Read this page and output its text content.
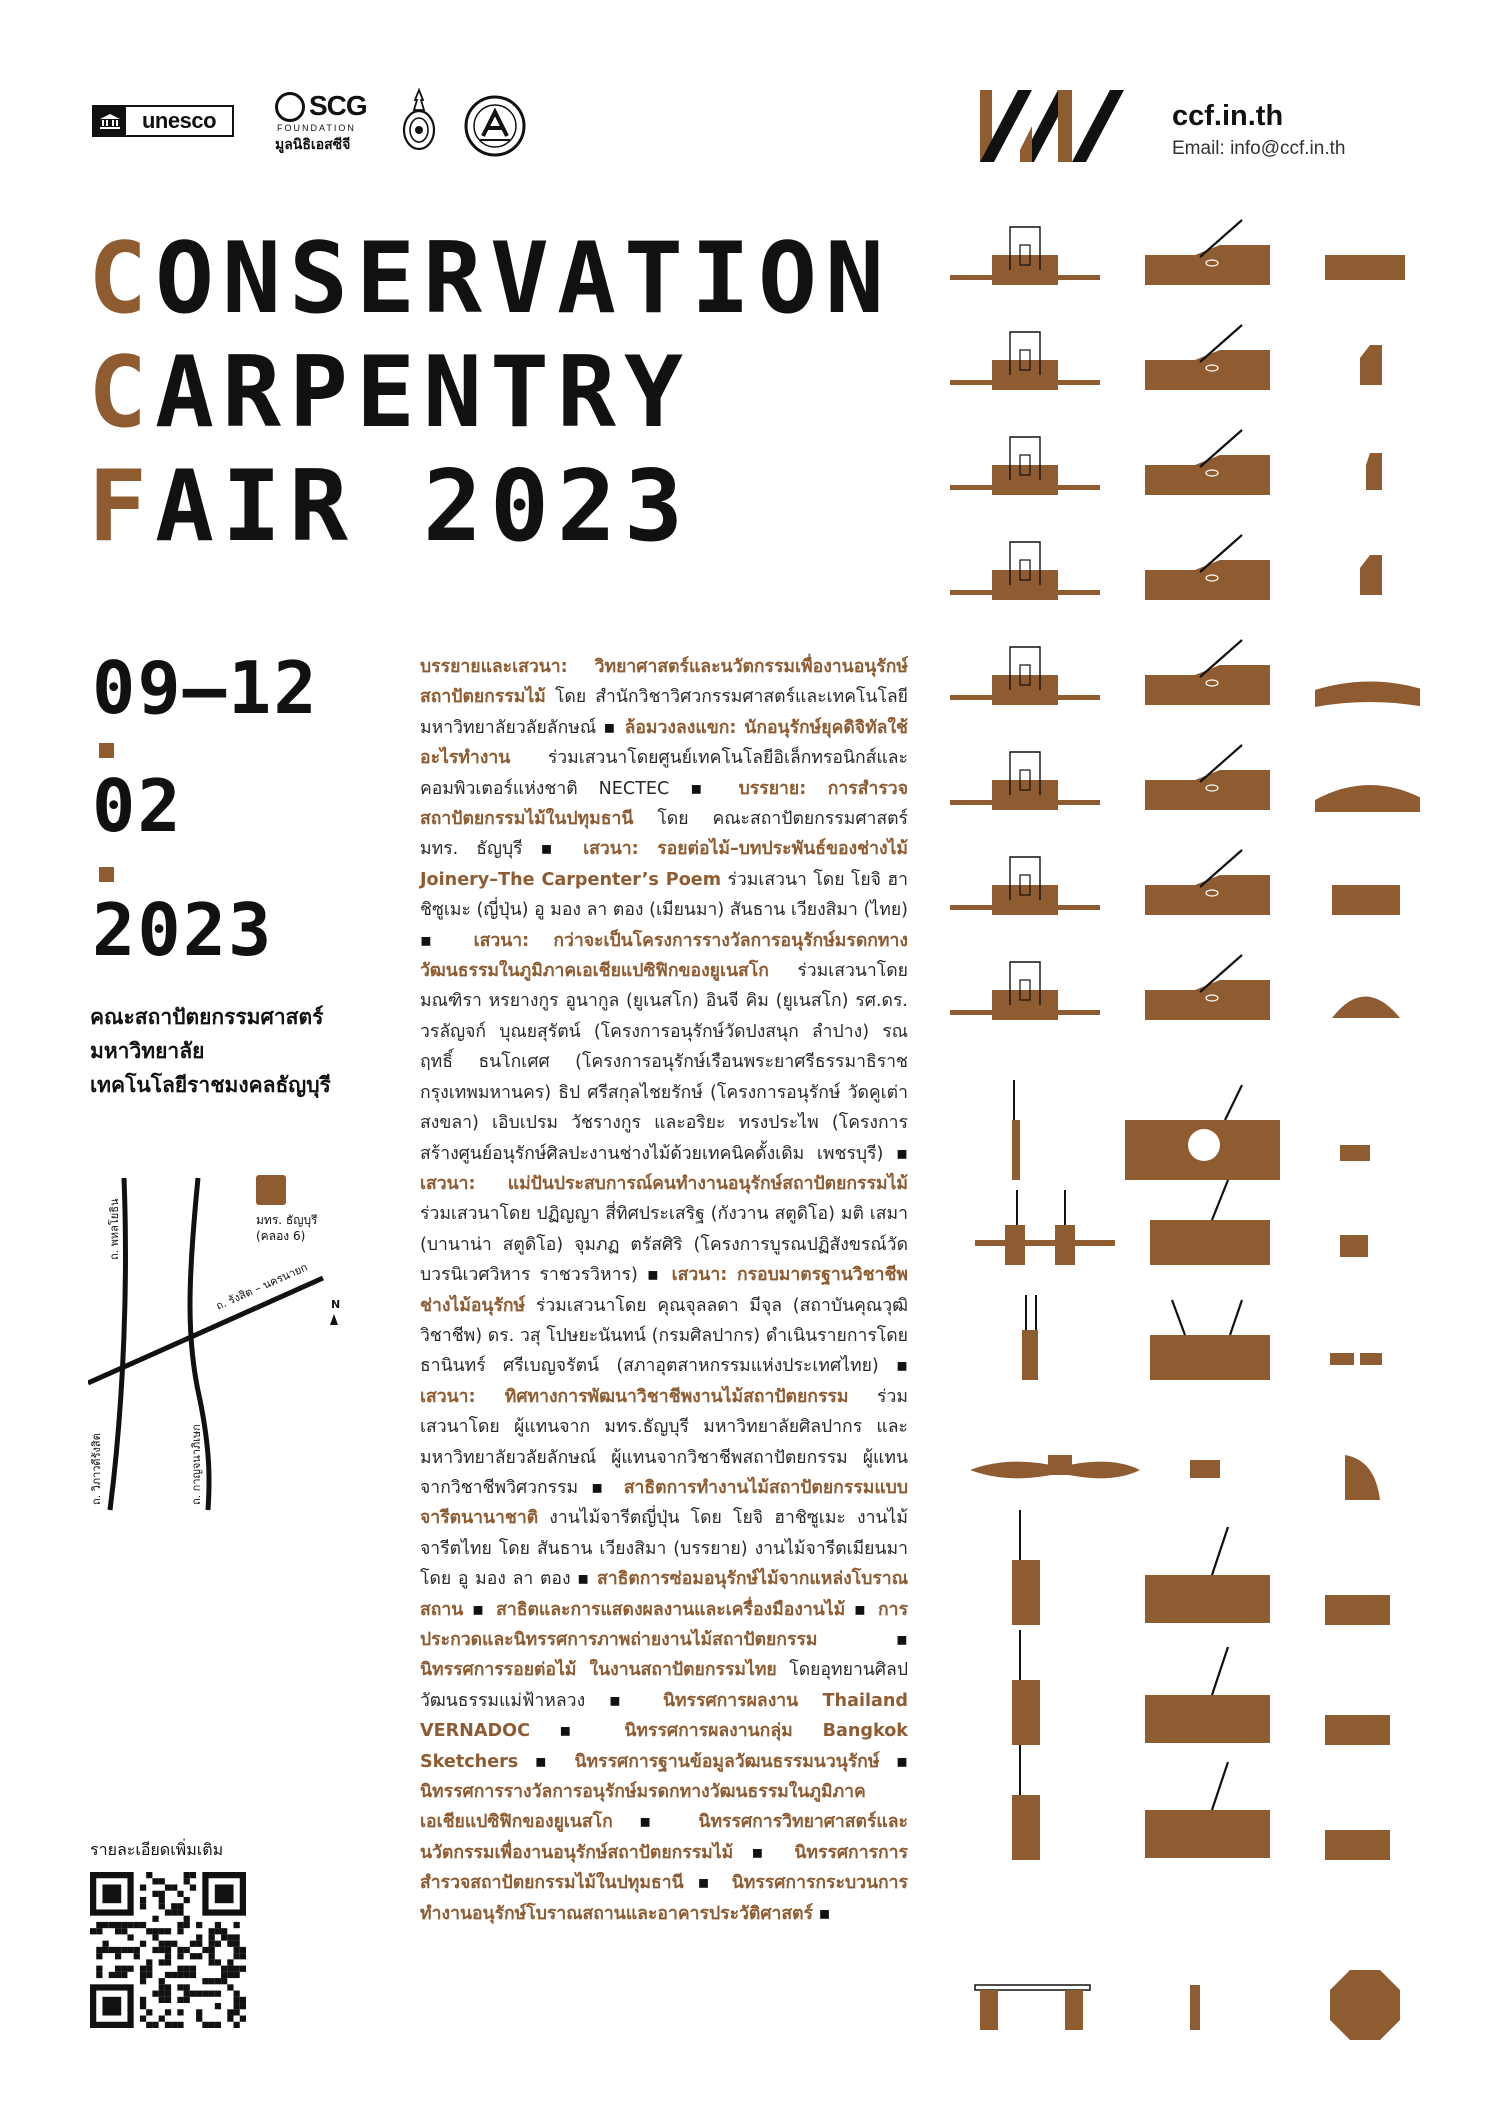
unesco	SCG
FOUNDATION
มูลนิธิเอสซีจี
ccf.in.th
Email: info@ccf.in.th
CONSERVATION
CARPENTRY
FAIR 2023
09—12
02
2023
คณะสถาปัตยกรรมศาสตร์
มหาวิทยาลัย
เทคโนโลยีราชมงคลธัญบุรี
มทร. ธัญบุรี
(คลอง 6)
ถ. พหลโยธิน
ถ. รังสิต – นครนายก
ถ. วิภาวดีรังสิต	ถ. กาญจนาภิเษก
N
รายละเอียดเพิ่มเติม
บรรยายและเสวนา: วิทยาศาสตร์และนวัตกรรมเพื่องานอนุรักษ์สถาปัตยกรรมไม้ โดย สำนักวิชาวิศวกรรมศาสตร์และเทคโนโลยี มหาวิทยาลัยวลัยลักษณ์ ▪ ล้อมวงลงแขก: นักอนุรักษ์ยุคดิจิทัลใช้อะไรทำงาน ร่วมเสวนาโดยศูนย์เทคโนโลยีอิเล็กทรอนิกส์และคอมพิวเตอร์แห่งชาติ NECTEC ▪ บรรยาย: การสำรวจสถาปัตยกรรมไม้ในปทุมธานี โดย คณะสถาปัตยกรรมศาสตร์ มทร. ธัญบุรี ▪ เสวนา: รอยต่อไม้–บทประพันธ์ของช่างไม้ Joinery–The Carpenter’s Poem ร่วมเสวนา โดย โยจิ ฮาชิซูเมะ (ญี่ปุ่น) อู มอง ลา ตอง (เมียนมา) สันธาน เวียงสิมา (ไทย) ▪ เสวนา: กว่าจะเป็นโครงการรางวัลการอนุรักษ์มรดกทางวัฒนธรรมในภูมิภาคเอเชียแปซิฟิกของยูเนสโก ร่วมเสวนาโดย มณฑิรา หรยางกูร อูนากูล (ยูเนสโก) อินจี คิม (ยูเนสโก) รศ.ดร. วรลัญจก์ บุณยสุรัตน์ (โครงการอนุรักษ์วัดปงสนุก ลำปาง) รณฤทธิ์ ธนโกเศศ (โครงการอนุรักษ์เรือนพระยาศรีธรรมาธิราช กรุงเทพมหานคร) ธิป ศรีสกุลไชยรักษ์ (โครงการอนุรักษ์ วัดคูเต่า สงขลา) เอิบเปรม วัชรางกูร และอริยะ ทรงประไพ (โครงการสร้างศูนย์อนุรักษ์ศิลปะงานช่างไม้ด้วยเทคนิคดั้งเดิม เพชรบุรี) ▪ เสวนา: แม่ปันประสบการณ์คนทำงานอนุรักษ์สถาปัตยกรรมไม้ ร่วมเสวนาโดย ปฏิญญา สี่ทิศประเสริฐ (กังวาน สตูดิโอ) มติ เสมา (บานาน่า สตูดิโอ) จุมภฏ ตรัสศิริ (โครงการบูรณปฏิสังขรณ์วัดบวรนิเวศวิหาร ราชวรวิหาร) ▪ เสวนา: กรอบมาตรฐานวิชาชีพช่างไม้อนุรักษ์ ร่วมเสวนาโดย คุณจุลลดา มีจุล (สถาบันคุณวุฒิวิชาชีพ) ดร. วสุ โปษยะนันทน์ (กรมศิลปากร) ดำเนินรายการโดย ธานินทร์ ศรีเบญจรัตน์ (สภาอุตสาหกรรมแห่งประเทศไทย) ▪ เสวนา: ทิศทางการพัฒนาวิชาชีพงานไม้สถาปัตยกรรม ร่วมเสวนาโดย ผู้แทนจาก มทร.ธัญบุรี มหาวิทยาลัยศิลปากร และมหาวิทยาลัยวลัยลักษณ์ ผู้แทนจากวิชาชีพสถาปัตยกรรม ผู้แทนจากวิชาชีพวิศวกรรม ▪ สาธิตการทำงานไม้สถาปัตยกรรมแบบจารีตนานาชาติ งานไม้จารีตญี่ปุ่น โดย โยจิ ฮาชิซูเมะ งานไม้จารีตไทย โดย สันธาน เวียงสิมา (บรรยาย) งานไม้จารีตเมียนมา โดย อู มอง ลา ตอง ▪ สาธิตการซ่อมอนุรักษ์ไม้จากแหล่งโบราณสถาน ▪ สาธิตและการแสดงผลงานและเครื่องมืองานไม้ ▪ การประกวดและนิทรรศการภาพถ่ายงานไม้สถาปัตยกรรม ▪ นิทรรศการรอยต่อไม้ ในงานสถาปัตยกรรมไทย โดยอุทยานศิลปวัฒนธรรมแม่ฟ้าหลวง ▪ นิทรรศการผลงาน Thailand VERNADOC ▪ นิทรรศการผลงานกลุ่ม Bangkok Sketchers ▪ นิทรรศการฐานข้อมูลวัฒนธรรมนวนุรักษ์ ▪ นิทรรศการรางวัลการอนุรักษ์มรดกทางวัฒนธรรมในภูมิภาคเอเชียแปซิฟิกของยูเนสโก ▪ นิทรรศการวิทยาศาสตร์และนวัตกรรมเพื่องานอนุรักษ์สถาปัตยกรรมไม้ ▪ นิทรรศการการสำรวจสถาปัตยกรรมไม้ในปทุมธานี ▪ นิทรรศการกระบวนการทำงานอนุรักษ์โบราณสถานและอาคารประวัติศาสตร์ ▪
